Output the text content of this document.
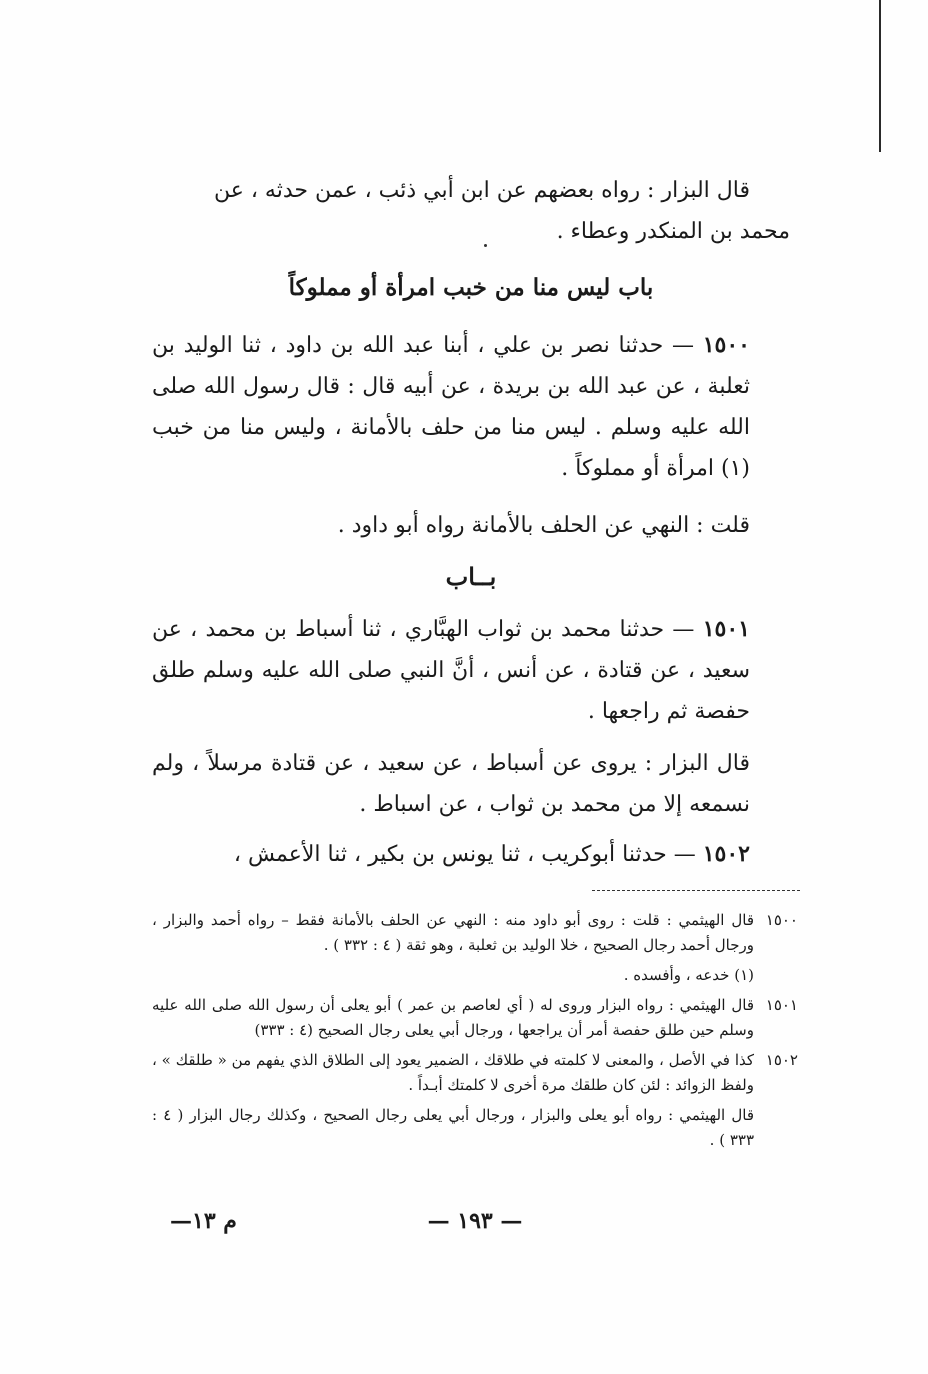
قال البزار : رواه بعضهم عن ابن أبي ذئب ، عمن حدثه ، عن

محمد بن المنكدر وعطاء .

باب ليس منا من خبب امرأة أو مملوكاً

١٥٠٠ — حدثنا نصر بن علي ، أبنا عبد الله بن داود ، ثنا الوليد بن ثعلبة ، عن عبد الله بن بريدة ، عن أبيه قال : قال رسول الله صلى الله عليه وسلم . ليس منا من حلف بالأمانة ، وليس منا من خبب (١) امرأة أو مملوكاً .

قلت : النهي عن الحلف بالأمانة رواه أبو داود .

بــاب

١٥٠١ — حدثنا محمد بن ثواب الهبَّاري ، ثنا أسباط بن محمد ، عن سعيد ، عن قتادة ، عن أنس ، أنَّ النبي صلى الله عليه وسلم طلق حفصة ثم راجعها .

قال البزار : يروى عن أسباط ، عن سعيد ، عن قتادة مرسلاً ، ولم نسمعه إلا من محمد بن ثواب ، عن اسباط .

١٥٠٢ — حدثنا أبوكريب ، ثنا يونس بن بكير ، ثنا الأعمش ،

١٥٠٠
قال الهيثمي : قلت : روى أبو داود منه : النهي عن الحلف بالأمانة فقط – رواه أحمد والبزار ، ورجال أحمد رجال الصحيح ، خلا الوليد بن ثعلبة ، وهو ثقة ( ٤ : ٣٣٢ ) .
(١) خدعه ، وأفسده .
١٥٠١
قال الهيثمي : رواه البزار وروى له ( أي لعاصم بن عمر ) أبو يعلى أن رسول الله صلى الله عليه وسلم حين طلق حفصة أمر أن يراجعها ، ورجال أبي يعلى رجال الصحيح (٤ : ٣٣٣)
١٥٠٢
كذا في الأصل ، والمعنى لا كلمته في طلاقك ، الضمير يعود إلى الطلاق الذي يفهم من « طلقك » ، ولفظ الزوائد : لئن كان طلقك مرة أخرى لا كلمتك أبـداً .
قال الهيثمي : رواه أبو يعلى والبزار ، ورجال أبي يعلى رجال الصحيح ، وكذلك رجال البزار ( ٤ : ٣٣٣ ) .
— ١٩٣ —
م ١٣—
